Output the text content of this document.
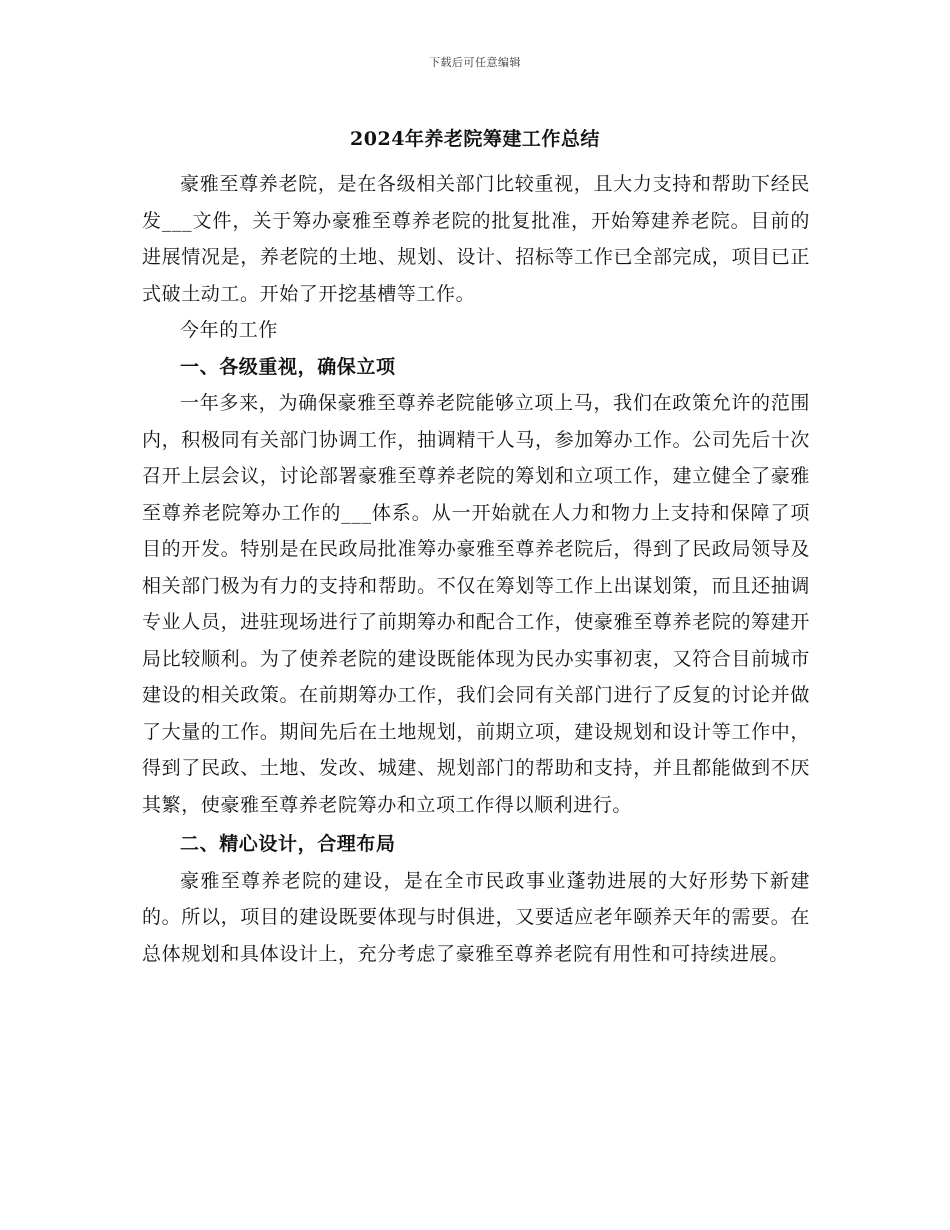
下载后可任意编辑
2024年养老院筹建工作总结

豪雅至尊养老院，是在各级相关部门比较重视，且大力支持和帮助下经民发___文件，关于筹办豪雅至尊养老院的批复批准，开始筹建养老院。目前的进展情况是，养老院的土地、规划、设计、招标等工作已全部完成，项目已正式破土动工。开始了开挖基槽等工作。

今年的工作

一、各级重视，确保立项

一年多来，为确保豪雅至尊养老院能够立项上马，我们在政策允许的范围内，积极同有关部门协调工作，抽调精干人马，参加筹办工作。公司先后十次召开上层会议，讨论部署豪雅至尊养老院的筹划和立项工作，建立健全了豪雅至尊养老院筹办工作的___体系。从一开始就在人力和物力上支持和保障了项目的开发。特别是在民政局批准筹办豪雅至尊养老院后，得到了民政局领导及相关部门极为有力的支持和帮助。不仅在筹划等工作上出谋划策，而且还抽调专业人员，进驻现场进行了前期筹办和配合工作，使豪雅至尊养老院的筹建开局比较顺利。为了使养老院的建设既能体现为民办实事初衷，又符合目前城市建设的相关政策。在前期筹办工作，我们会同有关部门进行了反复的讨论并做了大量的工作。期间先后在土地规划，前期立项，建设规划和设计等工作中，得到了民政、土地、发改、城建、规划部门的帮助和支持，并且都能做到不厌其繁，使豪雅至尊养老院筹办和立项工作得以顺利进行。

二、精心设计，合理布局

豪雅至尊养老院的建设，是在全市民政事业蓬勃进展的大好形势下新建的。所以，项目的建设既要体现与时俱进，又要适应老年颐养天年的需要。在总体规划和具体设计上，充分考虑了豪雅至尊养老院有用性和可持续进展。
